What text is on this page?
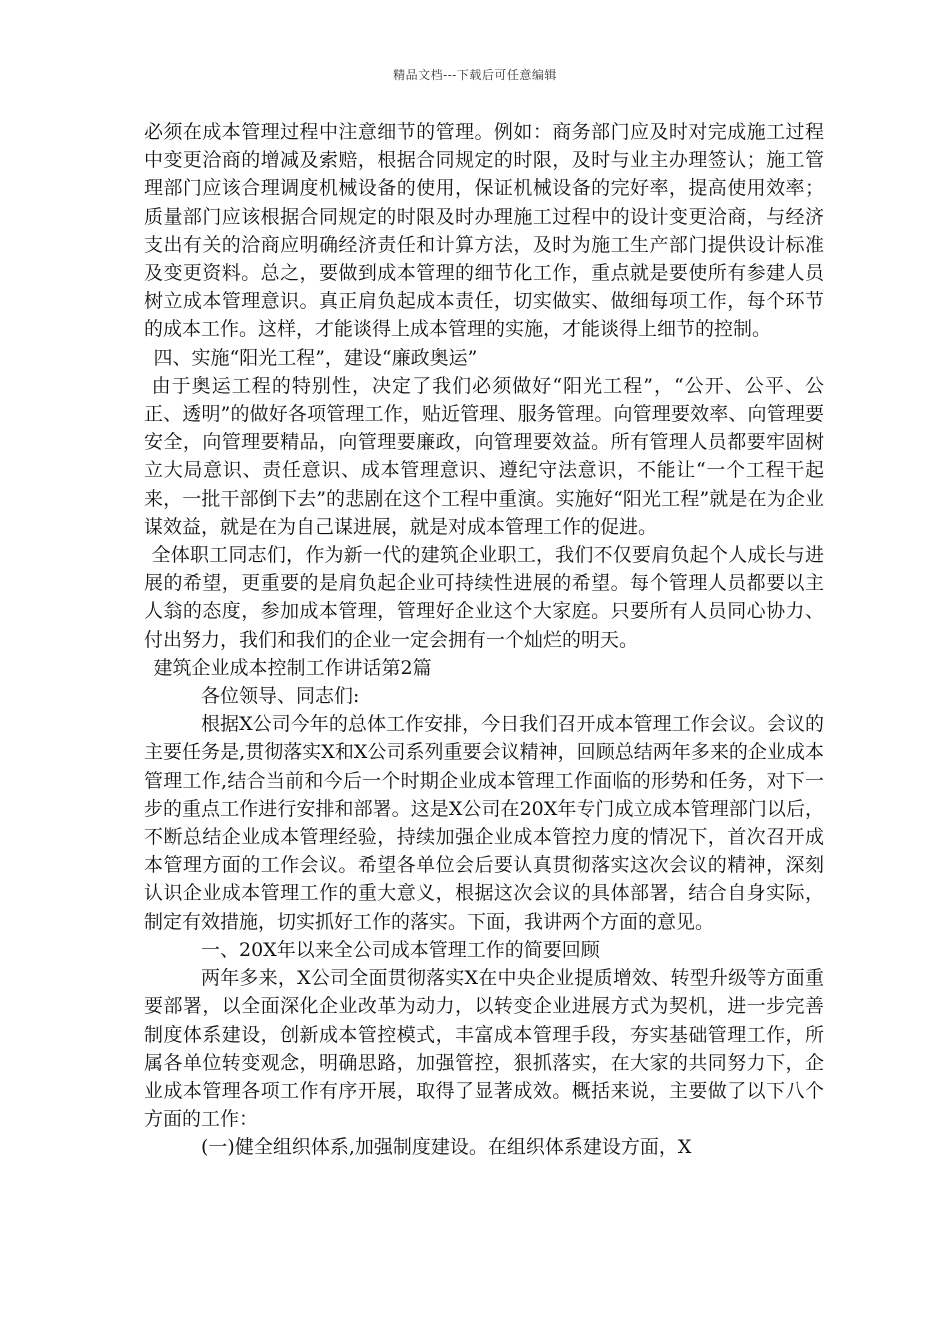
精品文档---下载后可任意编辑

必须在成本管理过程中注意细节的管理。例如：商务部门应及时对完成施工过程中变更洽商的增减及索赔，根据合同规定的时限，及时与业主办理签认；施工管理部门应该合理调度机械设备的使用，保证机械设备的完好率，提高使用效率；质量部门应该根据合同规定的时限及时办理施工过程中的设计变更洽商，与经济支出有关的洽商应明确经济责任和计算方法，及时为施工生产部门提供设计标准及变更资料。总之，要做到成本管理的细节化工作，重点就是要使所有参建人员树立成本管理意识。真正肩负起成本责任，切实做实、做细每项工作，每个环节的成本工作。这样，才能谈得上成本管理的实施，才能谈得上细节的控制。

四、实施“阳光工程”，建设“廉政奥运”

由于奥运工程的特别性，决定了我们必须做好“阳光工程”，“公开、公平、公正、透明”的做好各项管理工作，贴近管理、服务管理。向管理要效率、向管理要安全，向管理要精品，向管理要廉政，向管理要效益。所有管理人员都要牢固树立大局意识、责任意识、成本管理意识、遵纪守法意识，不能让“一个工程干起来，一批干部倒下去”的悲剧在这个工程中重演。实施好“阳光工程”就是在为企业谋效益，就是在为自己谋进展，就是对成本管理工作的促进。

全体职工同志们，作为新一代的建筑企业职工，我们不仅要肩负起个人成长与进展的希望，更重要的是肩负起企业可持续性进展的希望。每个管理人员都要以主人翁的态度，参加成本管理，管理好企业这个大家庭。只要所有人员同心协力、付出努力，我们和我们的企业一定会拥有一个灿烂的明天。

建筑企业成本控制工作讲话第2篇

各位领导、同志们:

根据X公司今年的总体工作安排，今日我们召开成本管理工作会议。会议的主要任务是,贯彻落实X和X公司系列重要会议精神，回顾总结两年多来的企业成本管理工作,结合当前和今后一个时期企业成本管理工作面临的形势和任务，对下一步的重点工作进行安排和部署。这是X公司在20X年专门成立成本管理部门以后，不断总结企业成本管理经验，持续加强企业成本管控力度的情况下，首次召开成本管理方面的工作会议。希望各单位会后要认真贯彻落实这次会议的精神，深刻认识企业成本管理工作的重大意义，根据这次会议的具体部署，结合自身实际，制定有效措施，切实抓好工作的落实。下面，我讲两个方面的意见。

一、20X年以来全公司成本管理工作的简要回顾

两年多来，X公司全面贯彻落实X在中央企业提质增效、转型升级等方面重要部署，以全面深化企业改革为动力，以转变企业进展方式为契机，进一步完善制度体系建设，创新成本管控模式，丰富成本管理手段，夯实基础管理工作，所属各单位转变观念，明确思路，加强管控，狠抓落实，在大家的共同努力下，企业成本管理各项工作有序开展，取得了显著成效。概括来说，主要做了以下八个方面的工作：

(一)健全组织体系,加强制度建设。在组织体系建设方面，X
